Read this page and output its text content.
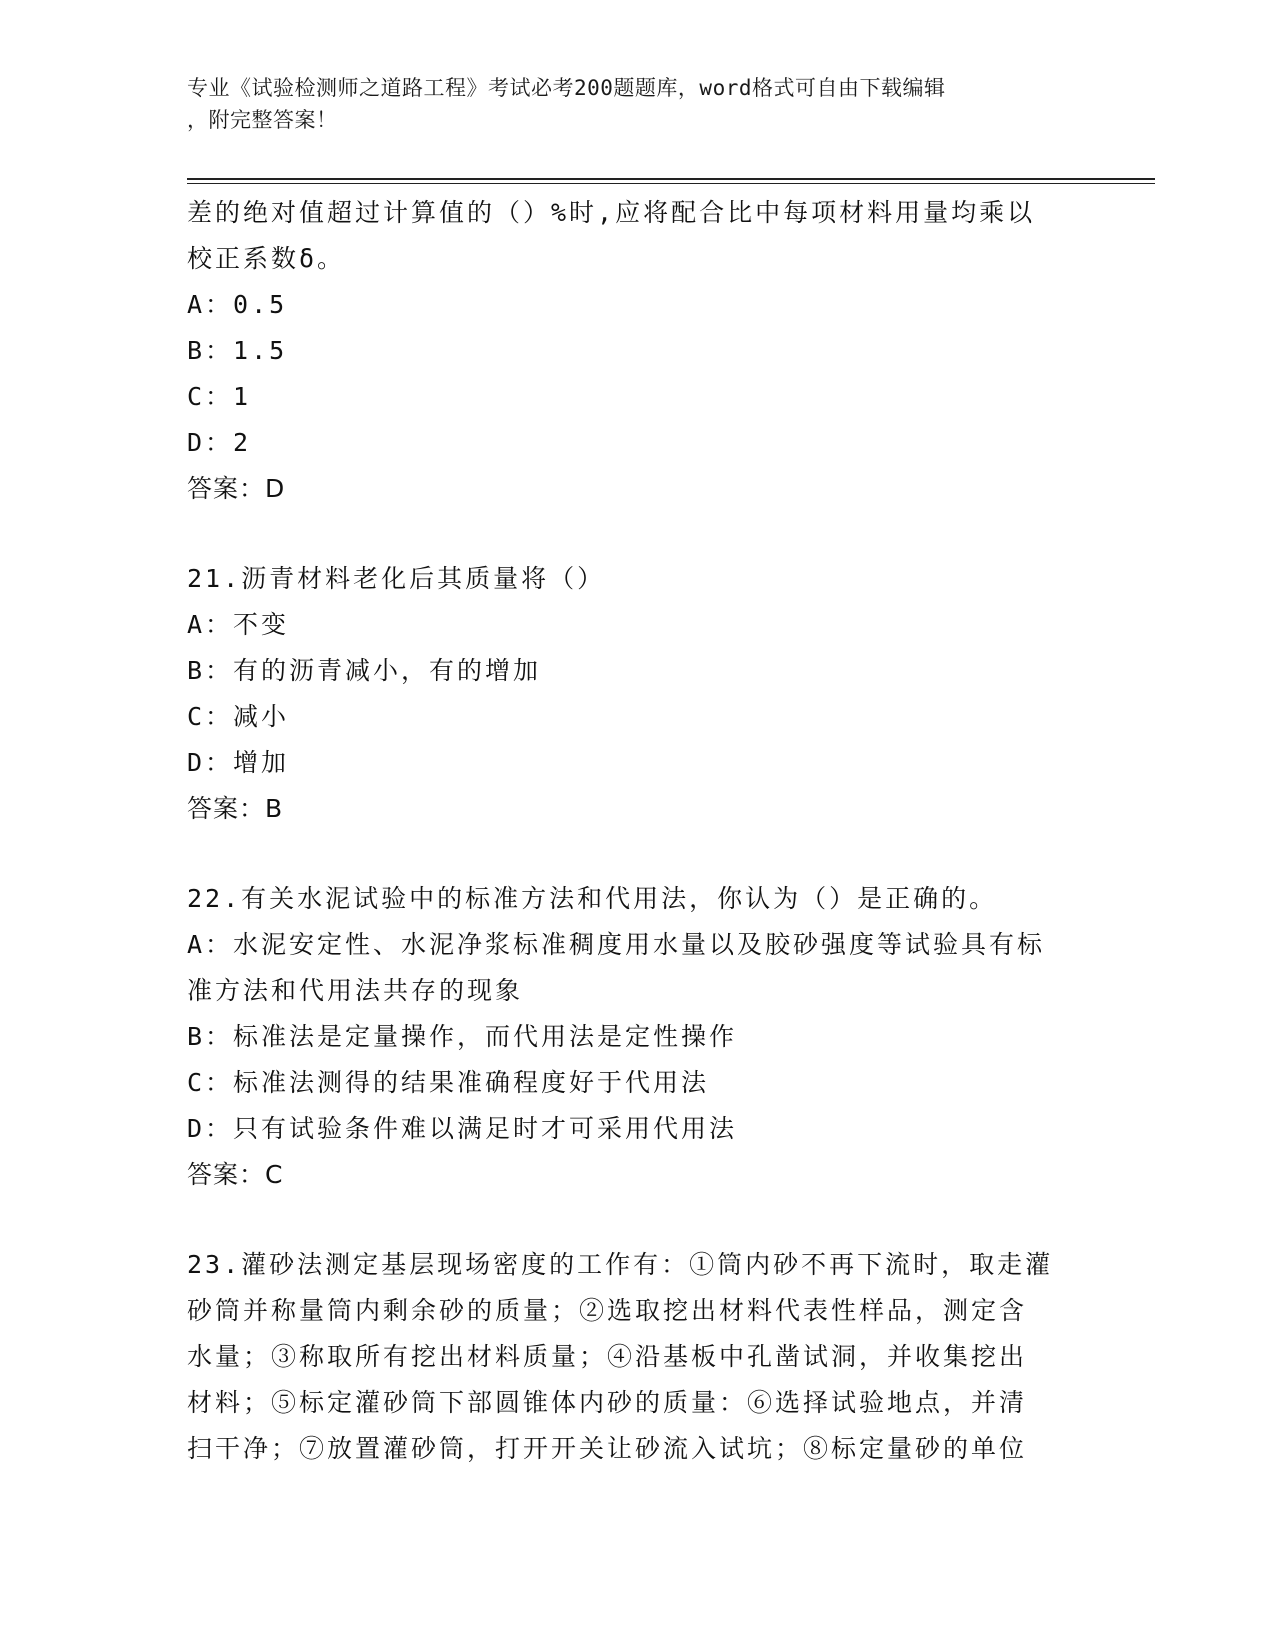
专业《试验检测师之道路工程》考试必考200题题库，word格式可自由下载编辑
，附完整答案！
差的绝对值超过计算值的（）%时,应将配合比中每项材料用量均乘以
校正系数δ。
A：0.5
B：1.5
C：1
D：2
答案：D
21.沥青材料老化后其质量将（）
A：不变
B：有的沥青减小，有的增加
C：减小
D：增加
答案：B
22.有关水泥试验中的标准方法和代用法，你认为（）是正确的。
A：水泥安定性、水泥净浆标准稠度用水量以及胶砂强度等试验具有标
准方法和代用法共存的现象
B：标准法是定量操作，而代用法是定性操作
C：标准法测得的结果准确程度好于代用法
D：只有试验条件难以满足时才可采用代用法
答案：C
23.灌砂法测定基层现场密度的工作有：①筒内砂不再下流时，取走灌
砂筒并称量筒内剩余砂的质量；②选取挖出材料代表性样品，测定含
水量；③称取所有挖出材料质量；④沿基板中孔凿试洞，并收集挖出
材料；⑤标定灌砂筒下部圆锥体内砂的质量：⑥选择试验地点，并清
扫干净；⑦放置灌砂筒，打开开关让砂流入试坑；⑧标定量砂的单位
